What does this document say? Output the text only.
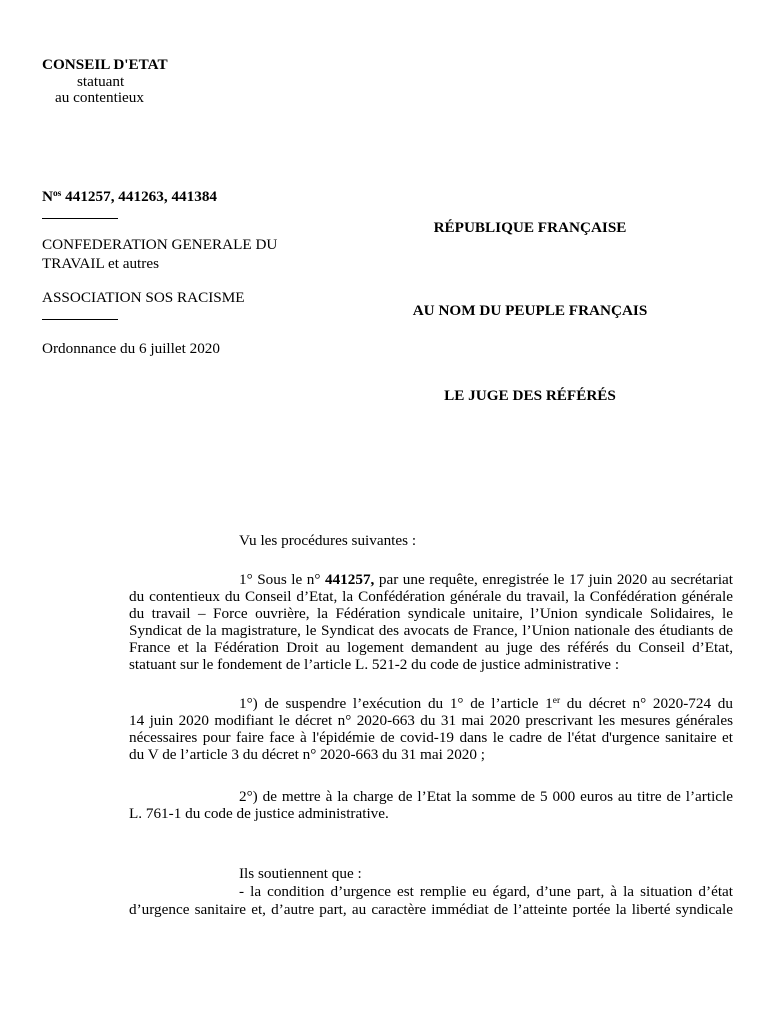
CONSEIL D'ETAT
statuant
au contentieux
$N^{os}$ 441257, 441263, 441384
CONFEDERATION GENERALE DU
TRAVAIL et autres
ASSOCIATION SOS RACISME
Ordonnance du 6 juillet 2020
RÉPUBLIQUE FRANÇAISE
AU NOM DU PEUPLE FRANÇAIS
LE JUGE DES RÉFÉRÉS
Vu les procédures suivantes :
1° Sous le n° 441257, par une requête, enregistrée le 17 juin 2020 au secrétariat
du contentieux du Conseil d’Etat, la Confédération générale du travail, la Confédération générale
du travail – Force ouvrière, la Fédération syndicale unitaire, l’Union syndicale Solidaires, le
Syndicat de la magistrature, le Syndicat des avocats de France, l’Union nationale des étudiants de
France et la Fédération Droit au logement demandent au juge des référés du Conseil d’Etat,
statuant sur le fondement de l’article L. 521-2 du code de justice administrative :
1°) de suspendre l’exécution du 1° de l’article 1er du décret n° 2020-724 du
14 juin 2020 modifiant le décret n° 2020-663 du 31 mai 2020 prescrivant les mesures générales
nécessaires pour faire face à l'épidémie de covid-19 dans le cadre de l'état d'urgence sanitaire et
du V de l’article 3 du décret n° 2020-663 du 31 mai 2020 ;
2°) de mettre à la charge de l’Etat la somme de 5 000 euros au titre de l’article
L. 761-1 du code de justice administrative.
Ils soutiennent que :
- la condition d’urgence est remplie eu égard, d’une part, à la situation d’état
d’urgence sanitaire et, d’autre part, au caractère immédiat de l’atteinte portée la liberté syndicale
